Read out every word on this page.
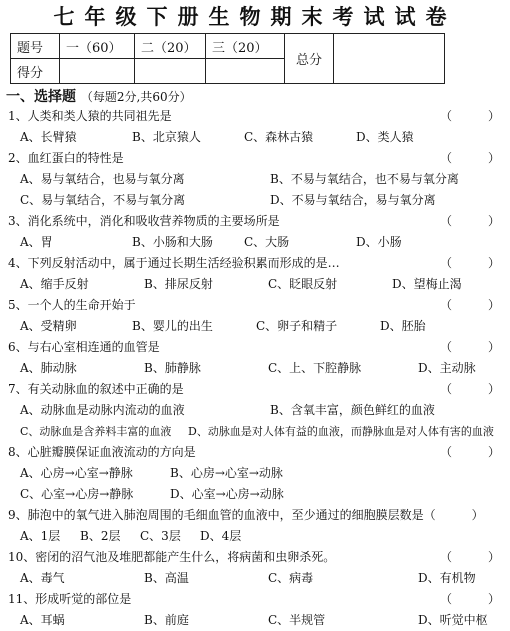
七年级下册生物期末考试试卷
题号	一（60）	二（20）	三（20）	总分	
得分					
一、选择题 （每题2分,共60分）
1、人类和类人猿的共同祖先是	（　　　）
A、长臂猿	B、北京猿人	C、森林古猿	D、类人猿
2、血红蛋白的特性是	（　　　）
A、易与氧结合，也易与氧分离	B、不易与氧结合，也不易与氧分离
C、易与氧结合，不易与氧分离	D、不易与氧结合，易与氧分离
3、消化系统中，消化和吸收营养物质的主要场所是	（　　　）
A、胃	B、小肠和大肠	C、大肠	D、小肠
4、下列反射活动中，属于通过长期生活经验积累而形成的是…	（　　　）
A、缩手反射	B、排尿反射	C、眨眼反射	D、望梅止渴
5、一个人的生命开始于	（　　　）
A、受精卵	B、婴儿的出生	C、卵子和精子	D、胚胎
6、与右心室相连通的血管是	（　　　）
A、肺动脉	B、肺静脉	C、上、下腔静脉	D、主动脉
7、有关动脉血的叙述中正确的是	（　　　）
A、动脉血是动脉内流动的血液	B、含氧丰富，颜色鲜红的血液
C、动脉血是含养料丰富的血液 D、动脉血是对人体有益的血液，而静脉血是对人体有害的血液
8、心脏瓣膜保证血液流动的方向是	（　　　）
A、心房→心室→静脉	B、心房→心室→动脉
C、心室→心房→静脉	D、心室→心房→动脉
9、肺泡中的氧气进入肺泡周围的毛细血管的血液中，至少通过的细胞膜层数是（　　　）
A、1层 B、2层 C、3层 D、4层
10、密闭的沼气池及堆肥都能产生什么，将病菌和虫卵杀死。	（　　　）
A、毒气	B、高温	C、病毒	D、有机物
11、形成听觉的部位是	（　　　）
A、耳蜗	B、前庭	C、半规管	D、听觉中枢
